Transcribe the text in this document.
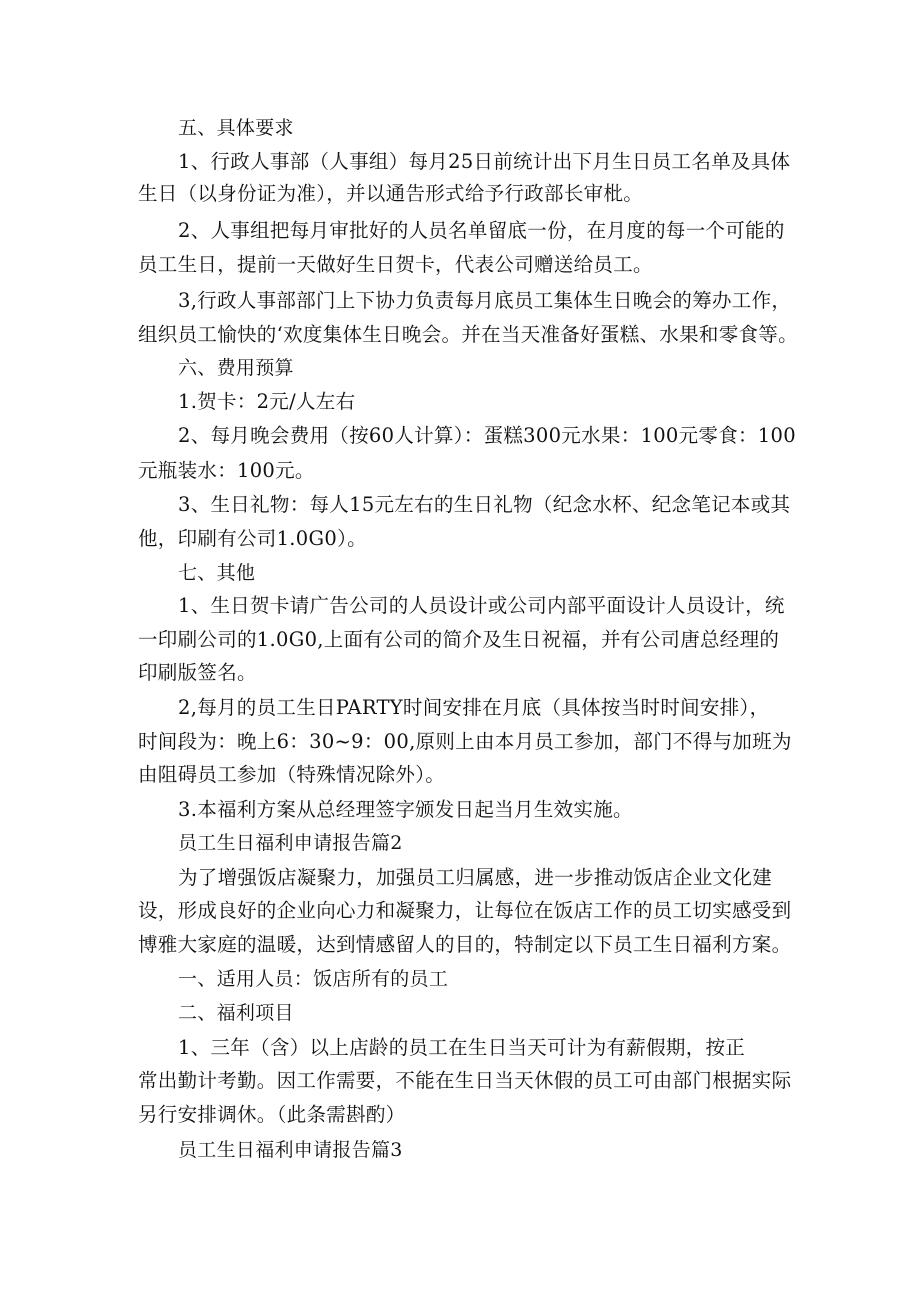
五、具体要求
1、行政人事部（人事组）每月25日前统计出下月生日员工名单及具体
生日（以身份证为准），并以通告形式给予行政部长审枇。
2、人事组把每月审批好的人员名单留底一份，在月度的每一个可能的
员工生日，提前一天做好生日贺卡，代表公司赠送给员工。
3,行政人事部部门上下协力负责每月底员工集体生日晚会的筹办工作，
组织员工愉快的‘欢度集体生日晚会。并在当天准备好蛋糕、水果和零食等。
六、费用预算
1.贺卡：2元/人左右
2、每月晚会费用（按60人计算）：蛋糕300元水果：100元零食：100
元瓶装水：100元。
3、生日礼物：每人15元左右的生日礼物（纪念水杯、纪念笔记本或其
他，印刷有公司1.0G0）。
七、其他
1、生日贺卡请广告公司的人员设计或公司内部平面设计人员设计，统
一印刷公司的1.0G0,上面有公司的简介及生日祝福，并有公司唐总经理的
印刷版签名。
2,每月的员工生日PARTY时间安排在月底（具体按当时时间安排），
时间段为：晚上6：30~9：00,原则上由本月员工参加，部门不得与加班为
由阻碍员工参加（特殊情况除外）。
3.本福利方案从总经理签字颁发日起当月生效实施。
员工生日福利申请报告篇2
为了增强饭店凝聚力，加强员工归属感，进一步推动饭店企业文化建
设，形成良好的企业向心力和凝聚力，让每位在饭店工作的员工切实感受到
博雅大家庭的温暖，达到情感留人的目的，特制定以下员工生日福利方案。
一、适用人员：饭店所有的员工
二、福利项目
1、三年（含）以上店龄的员工在生日当天可计为有薪假期，按正
常出勤计考勤。因工作需要，不能在生日当天休假的员工可由部门根据实际
另行安排调休。（此条需斟酌）
员工生日福利申请报告篇3
